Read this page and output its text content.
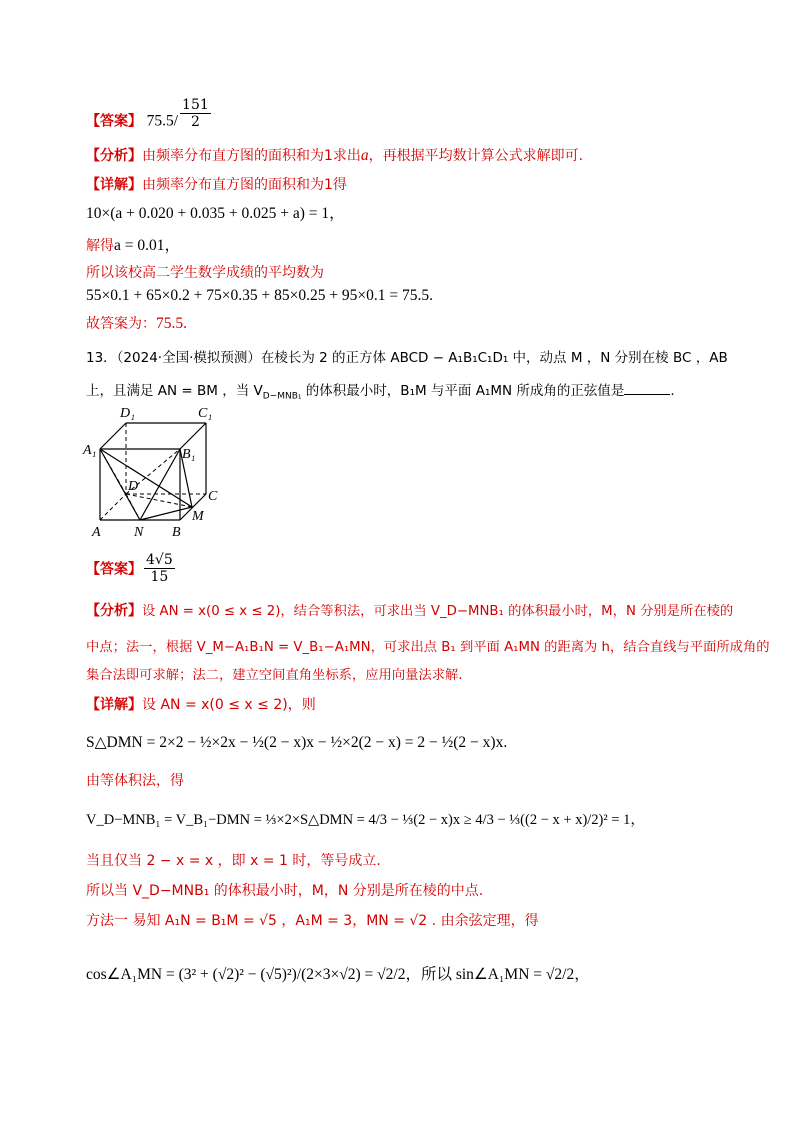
【答案】 $75.5/ \frac{151}{2}$
【分析】由频率分布直方图的面积和为1求出a，再根据平均数计算公式求解即可.
【详解】由频率分布直方图的面积和为1得
10×(a + 0.020 + 0.035 + 0.025 + a) = 1，
解得a = 0.01，
所以该校高二学生数学成绩的平均数为
55×0.1 + 65×0.2 + 75×0.35 + 85×0.25 + 95×0.1 = 75.5.
故答案为：75.5.
13．（2024·全国·模拟预测）在棱长为 2 的正方体 ABCD − A₁B₁C₁D₁ 中，动点 M ，N 分别在棱 BC ，AB
上，且满足 AN = BM ，当 $V_{D-MNB_1}$ 的体积最小时，B₁M 与平面 A₁MN 所成角的正弦值是	.
D₁	C₁
A₁	B₁
D
C
M
A N B
【答案】 $\frac{4√5}{15}$
【分析】设 AN = x(0 ≤ x ≤ 2)，结合等积法，可求出当 V_D−MNB₁ 的体积最小时，M，N 分别是所在棱的
中点；法一，根据 V_M−A₁B₁N = V_B₁−A₁MN，可求出点 B₁ 到平面 A₁MN 的距离为 h，结合直线与平面所成角的
集合法即可求解；法二，建立空间直角坐标系，应用向量法求解.
【详解】设 AN = x(0 ≤ x ≤ 2)，则
S△DMN = 2×2 − ½×2x − ½(2 − x)x − ½×2(2 − x) = 2 − ½(2 − x)x.
由等体积法，得
V_D−MNB₁ = V_B₁−DMN = ⅓×2×S△DMN = 4/3 − ⅓(2 − x)x ≥ 4/3 − ⅓((2 − x + x)/2)² = 1，
当且仅当 2 − x = x ，即 x = 1 时，等号成立.
所以当 V_D−MNB₁ 的体积最小时，M，N 分别是所在棱的中点.
方法一 易知 A₁N = B₁M = √5 ，A₁M = 3，MN = √2 . 由余弦定理，得
cos∠A₁MN = (3² + (√2)² − (√5)²)/(2×3×√2) = √2/2，所以 sin∠A₁MN = √2/2，
